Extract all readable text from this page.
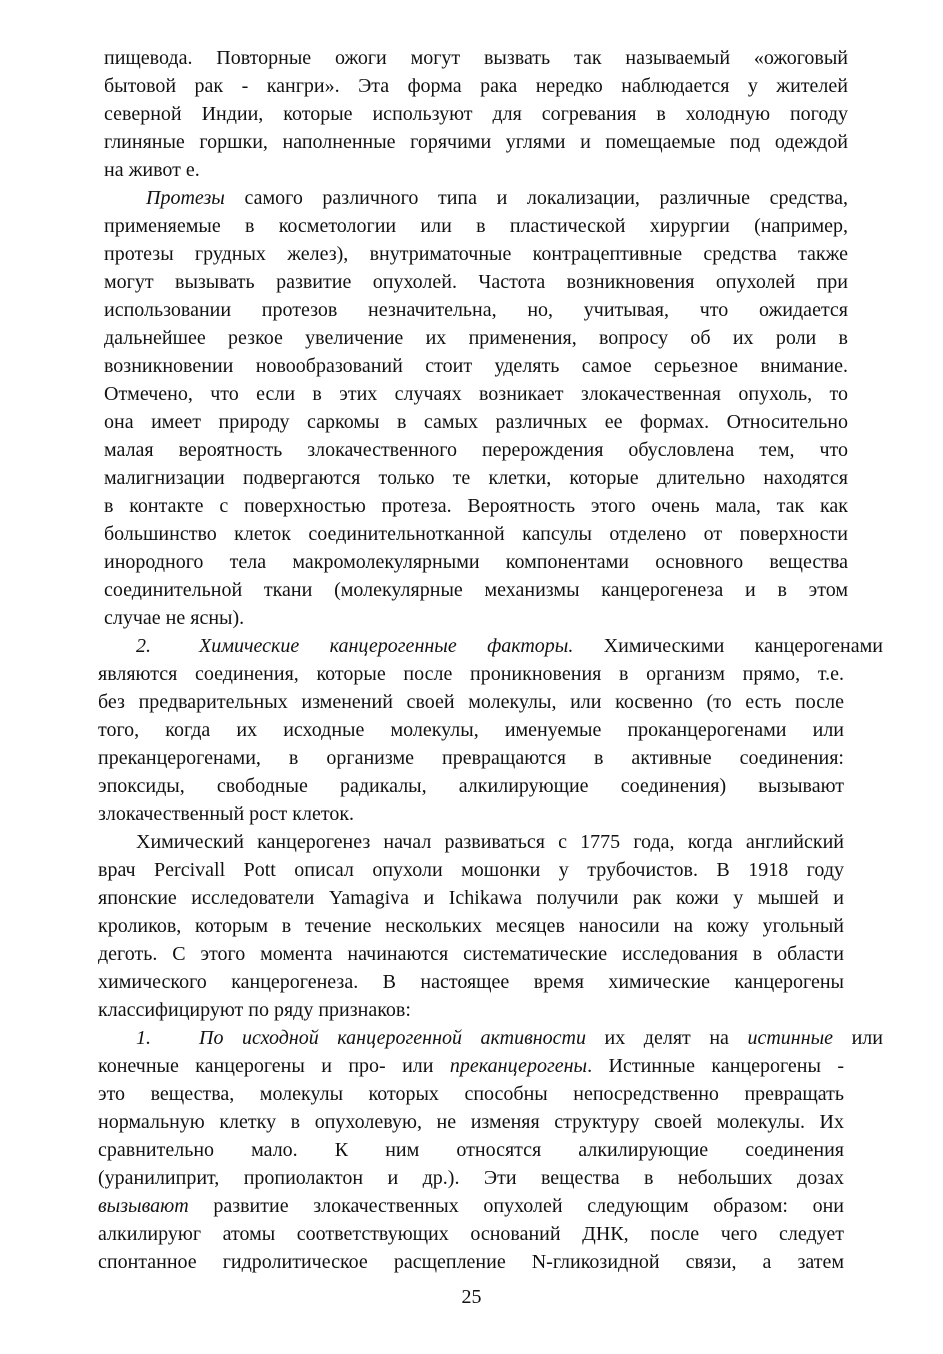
пищевода. Повторные ожоги могут вызвать так называемый «ожоговый
бытовой рак - кангри». Эта форма рака нередко наблюдается у жителей
северной Индии, которые используют для согревания в холодную погоду
глиняные горшки, наполненные горячими углями и помещаемые под одеждой
на живот е.
Протезы самого различного типа и локализации, различные средства,
применяемые в косметологии или в пластической хирургии (например,
протезы грудных желез), внутриматочные контрацептивные средства также
могут вызывать развитие опухолей. Частота возникновения опухолей при
использовании протезов незначительна, но, учитывая, что ожидается
дальнейшее резкое увеличение их применения, вопросу об их роли в
возникновении новообразований стоит уделять самое серьезное внимание.
Отмечено, что если в этих случаях возникает злокачественная опухоль, то
она имеет природу саркомы в самых различных ее формах. Относительно
малая вероятность злокачественного перерождения обусловлена тем, что
малигнизации подвергаются только те клетки, которые длительно находятся
в контакте с поверхностью протеза. Вероятность этого очень мала, так как
большинство клеток соединительнотканной капсулы отделено от поверхности
инородного тела макромолекулярными компонентами основного вещества
соединительной ткани (молекулярные механизмы канцерогенеза и в этом
случае не ясны).
2.	Химические канцерогенные факторы. Химическими канцерогенами
являются соединения, которые после проникновения в организм прямо, т.е.
без предварительных изменений своей молекулы, или косвенно (то есть после
того, когда их исходные молекулы, именуемые проканцерогенами или
преканцерогенами, в организме превращаются в активные соединения:
эпоксиды, свободные радикалы, алкилирующие соединения) вызывают
злокачественный рост клеток.
Химический канцерогенез начал развиваться с 1775 года, когда английский
врач Percivall Pott описал опухоли мошонки у трубочистов. В 1918 году
японские исследователи Yamagiva и Ichikawa получили рак кожи у мышей и
кроликов, которым в течение нескольких месяцев наносили на кожу угольный
деготь. С этого момента начинаются систематические исследования в области
химического канцерогенеза. В настоящее время химические канцерогены
классифицируют по ряду признаков:
1.	По исходной канцерогенной активности их делят на истинные или
конечные канцерогены и про- или преканцерогены. Истинные канцерогены -
это вещества, молекулы которых способны непосредственно превращать
нормальную клетку в опухолевую, не изменяя структуру своей молекулы. Их
сравнительно мало. К ним относятся алкилирующие соединения
(уранилиприт, пропиолактон и др.). Эти вещества в небольших дозах
вызывают развитие злокачественных опухолей следующим образом: они
алкилируюг атомы соответствующих оснований ДНК, после чего следует
спонтанное гидролитическое расщепление N-гликозидной связи, а затем
25
